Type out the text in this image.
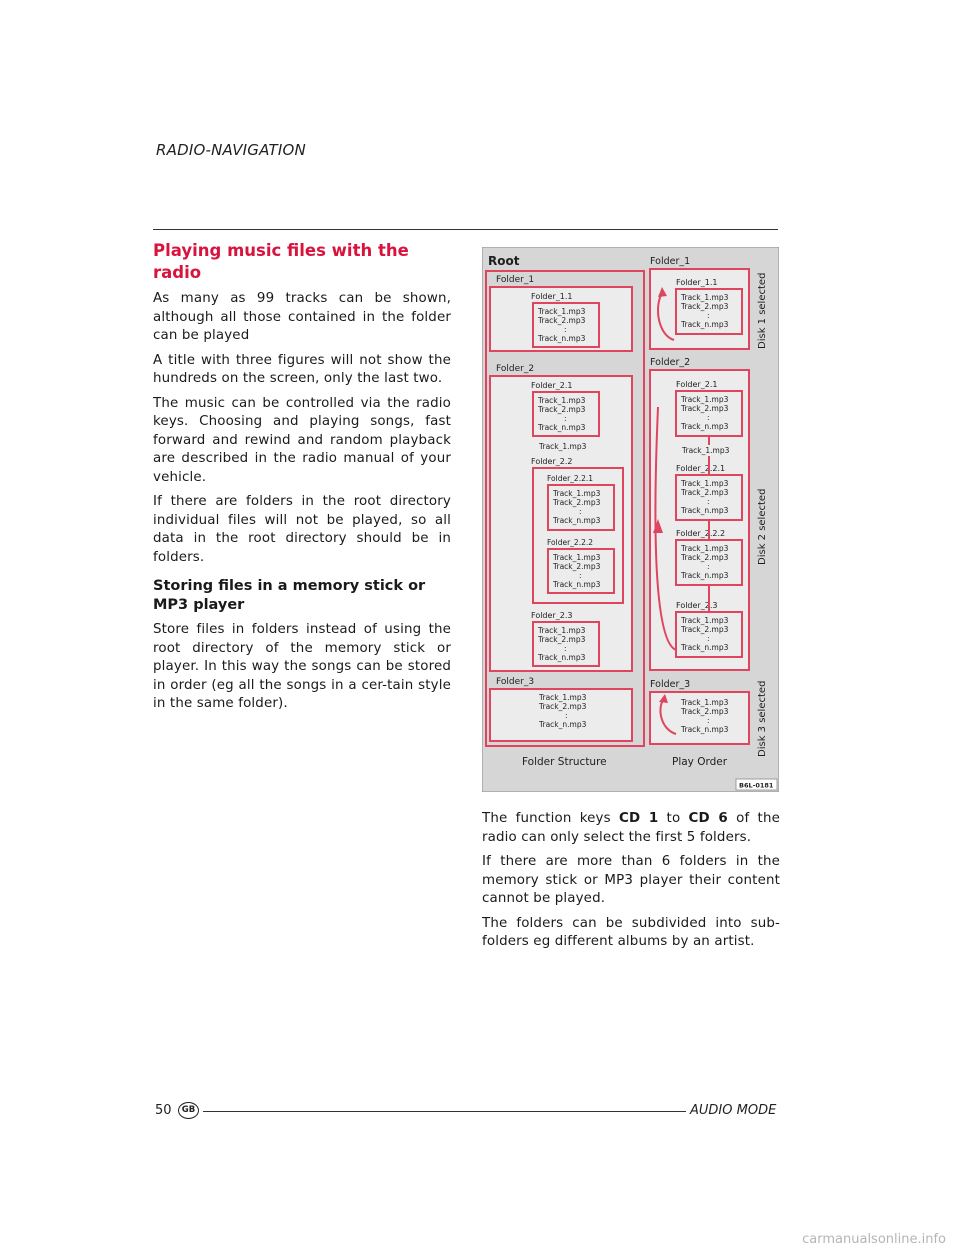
RADIO-NAVIGATION
Playing music files with the radio

As many as 99 tracks can be shown, although all those contained in the folder can be played

A title with three figures will not show the hundreds on the screen, only the last two.

The music can be controlled via the radio keys. Choosing and playing songs, fast forward and rewind and random playback are described in the radio manual of your vehicle.

If there are folders in the root directory individual files will not be played, so all data in the root directory should be in folders.

Storing files in a memory stick or MP3 player

Store files in folders instead of using the root directory of the memory stick or player. In this way the songs can be stored in order (eg all the songs in a cer-tain style in the same folder).

Root
Folder_1
Folder_1.1
Track_1.mp3
Track_2.mp3
:
Track_n.mp3
Folder_2
Folder_2.1
Track_1.mp3
Track_2.mp3
:
Track_n.mp3
Track_1.mp3
Folder_2.2
Folder_2.2.1
Track_1.mp3
Track_2.mp3
:
Track_n.mp3
Folder_2.2.2
Track_1.mp3
Track_2.mp3
:
Track_n.mp3
Folder_2.3
Track_1.mp3
Track_2.mp3
:
Track_n.mp3
Folder_3
Track_1.mp3
Track_2.mp3
:
Track_n.mp3
Folder_1
Folder_1.1
Track_1.mp3
Track_2.mp3
:
Track_n.mp3
Folder_2
Folder_2.1
Track_1.mp3
Track_2.mp3
:
Track_n.mp3
Track_1.mp3
Folder_2.2.1
Track_1.mp3
Track_2.mp3
:
Track_n.mp3
Folder_2.2.2
Track_1.mp3
Track_2.mp3
:
Track_n.mp3
Folder_2.3
Track_1.mp3
Track_2.mp3
:
Track_n.mp3
Folder_3
Track_1.mp3
Track_2.mp3
:
Track_n.mp3
Disk 1 selected
Disk 2 selected
Disk 3 selected
Folder Structure	Play Order
B6L-0181

The function keys CD 1 to CD 6 of the radio can only select the first 5 folders.

If there are more than 6 folders in the memory stick or MP3 player their content cannot be played.

The folders can be subdivided into sub-folders eg different albums by an artist.

50	GB	AUDIO MODE
carmanualsonline.info
